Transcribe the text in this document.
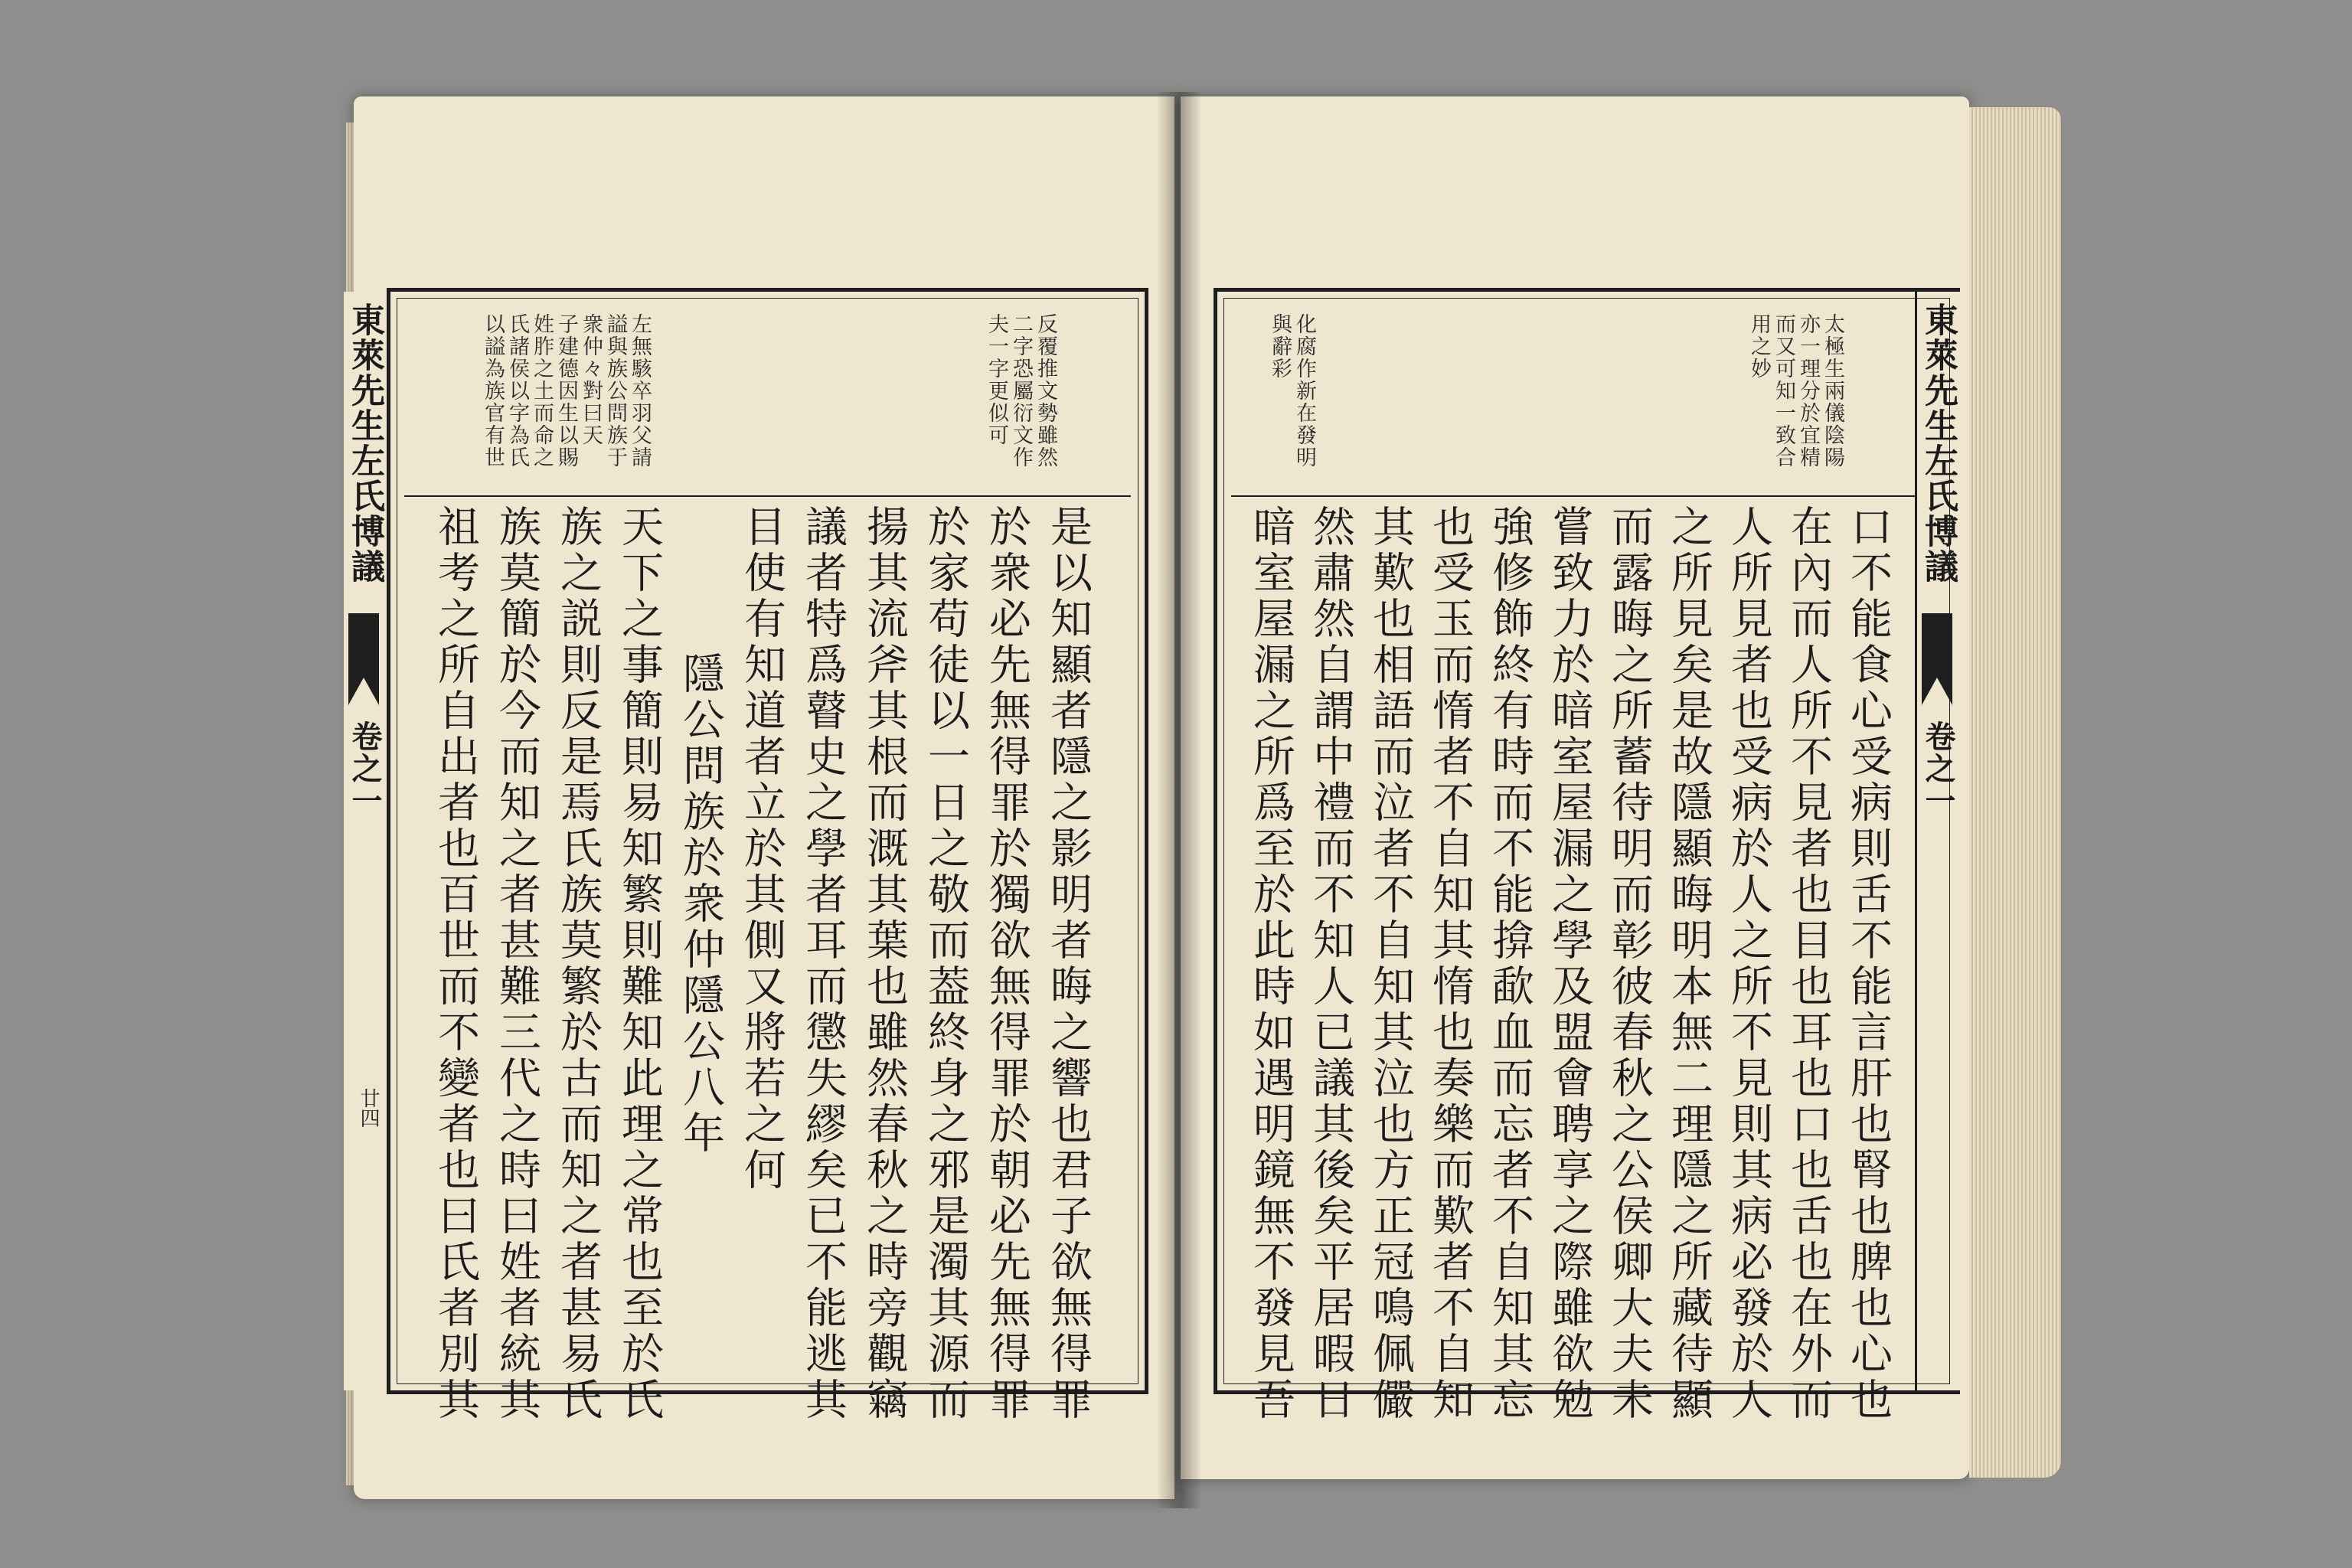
反覆推文勢雖然
二字恐屬衍文作
夫一字更似可
左無駭卒羽父請
謚與族公問族于
衆仲々對曰天
子建德因生以賜
姓胙之土而命之
氏諸侯以字為氏
以謚為族官有世
是以知顯者隱之影明者晦之響也君子欲無得罪
於衆必先無得罪於獨欲無得罪於朝必先無得罪
於家苟徒以一日之敬而葢終身之邪是濁其源而
揚其流斧其根而溉其葉也雖然春秋之時旁觀竊
議者特爲瞽史之學者耳而懲失繆矣已不能逃其
目使有知道者立於其側又將若之何
隱公問族於衆仲隱公八年
天下之事簡則易知繁則難知此理之常也至於氏
族之説則反是焉氏族莫繁於古而知之者甚易氏
族莫簡於今而知之者甚難三代之時曰姓者統其
祖考之所自出者也百世而不變者也曰氏者別其
東萊先生左氏博議
卷之一
廿四
太極生兩儀陰陽
亦一理分於宜精
而又可知一致合
用之妙
化腐作新在發明
與辭彩
口不能食心受病則舌不能言肝也腎也脾也心也
在內而人所不見者也目也耳也口也舌也在外而
人所見者也受病於人之所不見則其病必發於人
之所見矣是故隱顯晦明本無二理隱之所藏待顯
而露晦之所蓄待明而彰彼春秋之公侯卿大夫未
嘗致力於暗室屋漏之學及盟會聘享之際雖欲勉
強修飾終有時而不能揜歃血而忘者不自知其忘
也受玉而惰者不自知其惰也奏樂而歎者不自知
其歎也相語而泣者不自知其泣也方正冠鳴佩儼
然肅然自謂中禮而不知人已議其後矣平居暇日
暗室屋漏之所爲至於此時如遇明鏡無不發見吾
東萊先生左氏博議
卷之一
